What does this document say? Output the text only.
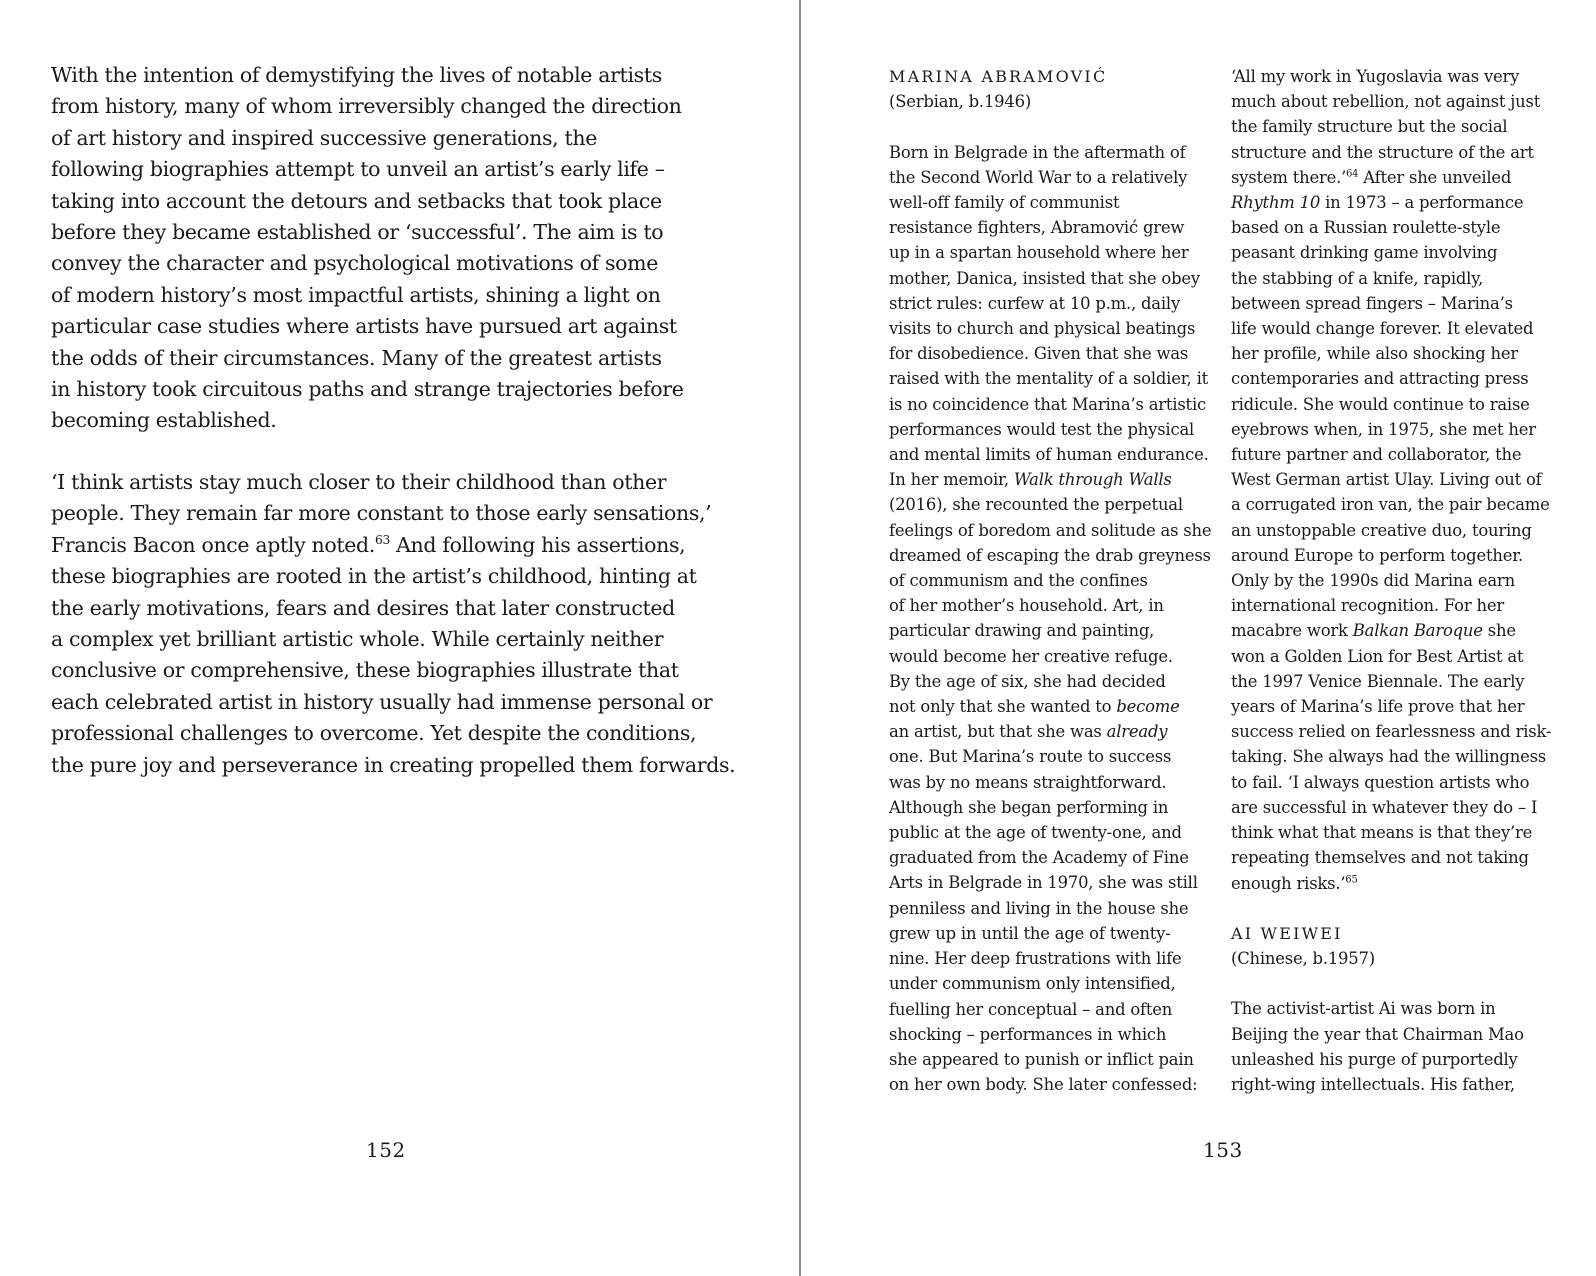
With the intention of demystifying the lives of notable artists
from history, many of whom irreversibly changed the direction
of art history and inspired successive generations, the
following biographies attempt to unveil an artist’s early life –
taking into account the detours and setbacks that took place
before they became established or ‘successful’. The aim is to
convey the character and psychological motivations of some
of modern history’s most impactful artists, shining a light on
particular case studies where artists have pursued art against
the odds of their circumstances. Many of the greatest artists
in history took circuitous paths and strange trajectories before
becoming established.

‘I think artists stay much closer to their childhood than other
people. They remain far more constant to those early sensations,’
Francis Bacon once aptly noted.$^{63}$ And following his assertions,
these biographies are rooted in the artist’s childhood, hinting at
the early motivations, fears and desires that later constructed
a complex yet brilliant artistic whole. While certainly neither
conclusive or comprehensive, these biographies illustrate that
each celebrated artist in history usually had immense personal or
professional challenges to overcome. Yet despite the conditions,
the pure joy and perseverance in creating propelled them forwards.

152
MARINA ABRAMOVIĆ
(Serbian, b.1946)
Born in Belgrade in the aftermath of
the Second World War to a relatively
well-off family of communist
resistance fighters, Abramović grew
up in a spartan household where her
mother, Danica, insisted that she obey
strict rules: curfew at 10 p.m., daily
visits to church and physical beatings
for disobedience. Given that she was
raised with the mentality of a soldier, it
is no coincidence that Marina’s artistic
performances would test the physical
and mental limits of human endurance.
In her memoir, Walk through Walls
(2016), she recounted the perpetual
feelings of boredom and solitude as she
dreamed of escaping the drab greyness
of communism and the confines
of her mother’s household. Art, in
particular drawing and painting,
would become her creative refuge.
By the age of six, she had decided
not only that she wanted to become
an artist, but that she was already
one. But Marina’s route to success
was by no means straightforward.
Although she began performing in
public at the age of twenty-one, and
graduated from the Academy of Fine
Arts in Belgrade in 1970, she was still
penniless and living in the house she
grew up in until the age of twenty-
nine. Her deep frustrations with life
under communism only intensified,
fuelling her conceptual – and often
shocking – performances in which
she appeared to punish or inflict pain
on her own body. She later confessed:
‘All my work in Yugoslavia was very
much about rebellion, not against just
the family structure but the social
structure and the structure of the art
system there.’$^{64}$ After she unveiled
Rhythm 10 in 1973 – a performance
based on a Russian roulette-style
peasant drinking game involving
the stabbing of a knife, rapidly,
between spread fingers – Marina’s
life would change forever. It elevated
her profile, while also shocking her
contemporaries and attracting press
ridicule. She would continue to raise
eyebrows when, in 1975, she met her
future partner and collaborator, the
West German artist Ulay. Living out of
a corrugated iron van, the pair became
an unstoppable creative duo, touring
around Europe to perform together.
Only by the 1990s did Marina earn
international recognition. For her
macabre work Balkan Baroque she
won a Golden Lion for Best Artist at
the 1997 Venice Biennale. The early
years of Marina’s life prove that her
success relied on fearlessness and risk-
taking. She always had the willingness
to fail. ‘I always question artists who
are successful in whatever they do – I
think what that means is that they’re
repeating themselves and not taking
enough risks.’$^{65}$
AI WEIWEI
(Chinese, b.1957)
The activist-artist Ai was born in
Beijing the year that Chairman Mao
unleashed his purge of purportedly
right-wing intellectuals. His father,
153
